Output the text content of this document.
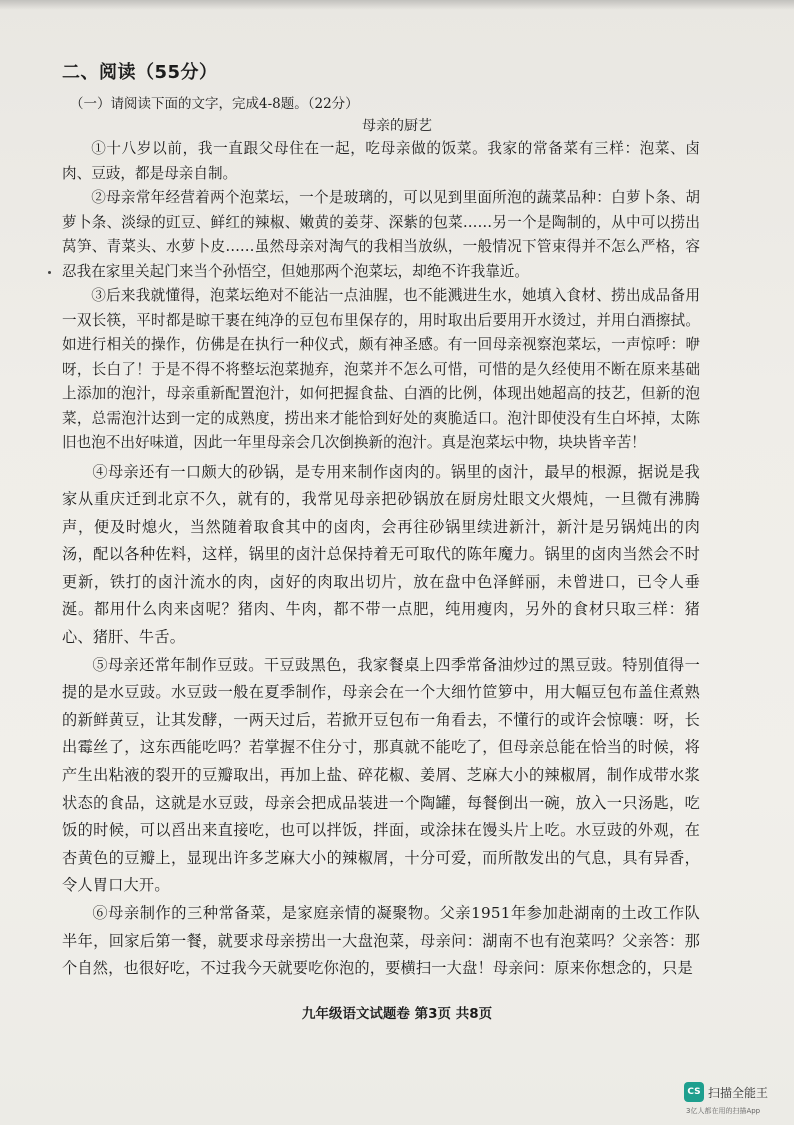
二、阅读（55分）
（一）请阅读下面的文字，完成4-8题。（22分）
母亲的厨艺

①十八岁以前，我一直跟父母住在一起，吃母亲做的饭菜。我家的常备菜有三样：泡菜、卤肉、豆豉，都是母亲自制。

②母亲常年经营着两个泡菜坛，一个是玻璃的，可以见到里面所泡的蔬菜品种：白萝卜条、胡萝卜条、淡绿的豇豆、鲜红的辣椒、嫩黄的姜芽、深紫的包菜……另一个是陶制的，从中可以捞出莴笋、青菜头、水萝卜皮……虽然母亲对淘气的我相当放纵，一般情况下管束得并不怎么严格，容忍我在家里关起门来当个孙悟空，但她那两个泡菜坛，却绝不许我靠近。

③后来我就懂得，泡菜坛绝对不能沾一点油腥，也不能溅进生水，她填入食材、捞出成品备用一双长筷，平时都是晾干裹在纯净的豆包布里保存的，用时取出后要用开水烫过，并用白酒擦拭。如进行相关的操作，仿佛是在执行一种仪式，颇有神圣感。有一回母亲视察泡菜坛，一声惊呼：咿呀，长白了！于是不得不将整坛泡菜抛弃，泡菜并不怎么可惜，可惜的是久经使用不断在原来基础上添加的泡汁，母亲重新配置泡汁，如何把握食盐、白酒的比例，体现出她超高的技艺，但新的泡菜，总需泡汁达到一定的成熟度，捞出来才能恰到好处的爽脆适口。泡汁即使没有生白坏掉，太陈旧也泡不出好味道，因此一年里母亲会几次倒换新的泡汁。真是泡菜坛中物，块块皆辛苦！

④母亲还有一口颇大的砂锅，是专用来制作卤肉的。锅里的卤汁，最早的根源，据说是我家从重庆迁到北京不久，就有的，我常见母亲把砂锅放在厨房灶眼文火煨炖，一旦微有沸腾声，便及时熄火，当然随着取食其中的卤肉，会再往砂锅里续进新汁，新汁是另锅炖出的肉汤，配以各种佐料，这样，锅里的卤汁总保持着无可取代的陈年魔力。锅里的卤肉当然会不时更新，铁打的卤汁流水的肉，卤好的肉取出切片，放在盘中色泽鲜丽，未曾进口，已令人垂涎。都用什么肉来卤呢？猪肉、牛肉，都不带一点肥，纯用瘦肉，另外的食材只取三样：猪心、猪肝、牛舌。

⑤母亲还常年制作豆豉。干豆豉黑色，我家餐桌上四季常备油炒过的黑豆豉。特别值得一提的是水豆豉。水豆豉一般在夏季制作，母亲会在一个大细竹笸箩中，用大幅豆包布盖住煮熟的新鲜黄豆，让其发酵，一两天过后，若掀开豆包布一角看去，不懂行的或许会惊嚷：呀，长出霉丝了，这东西能吃吗？若掌握不住分寸，那真就不能吃了，但母亲总能在恰当的时候，将产生出粘液的裂开的豆瓣取出，再加上盐、碎花椒、姜屑、芝麻大小的辣椒屑，制作成带水浆状态的食品，这就是水豆豉，母亲会把成品装进一个陶罐，每餐倒出一碗，放入一只汤匙，吃饭的时候，可以舀出来直接吃，也可以拌饭，拌面，或涂抹在馒头片上吃。水豆豉的外观，在杏黄色的豆瓣上，显现出许多芝麻大小的辣椒屑，十分可爱，而所散发出的气息，具有异香，令人胃口大开。

⑥母亲制作的三种常备菜，是家庭亲情的凝聚物。父亲1951年参加赴湖南的土改工作队半年，回家后第一餐，就要求母亲捞出一大盘泡菜，母亲问：湖南不也有泡菜吗？父亲答：那个自然，也很好吃，不过我今天就要吃你泡的，要横扫一大盘！母亲问：原来你想念的，只是

九年级语文试题卷 第3页 共8页
CS 扫描全能王
3亿人都在用的扫描App
